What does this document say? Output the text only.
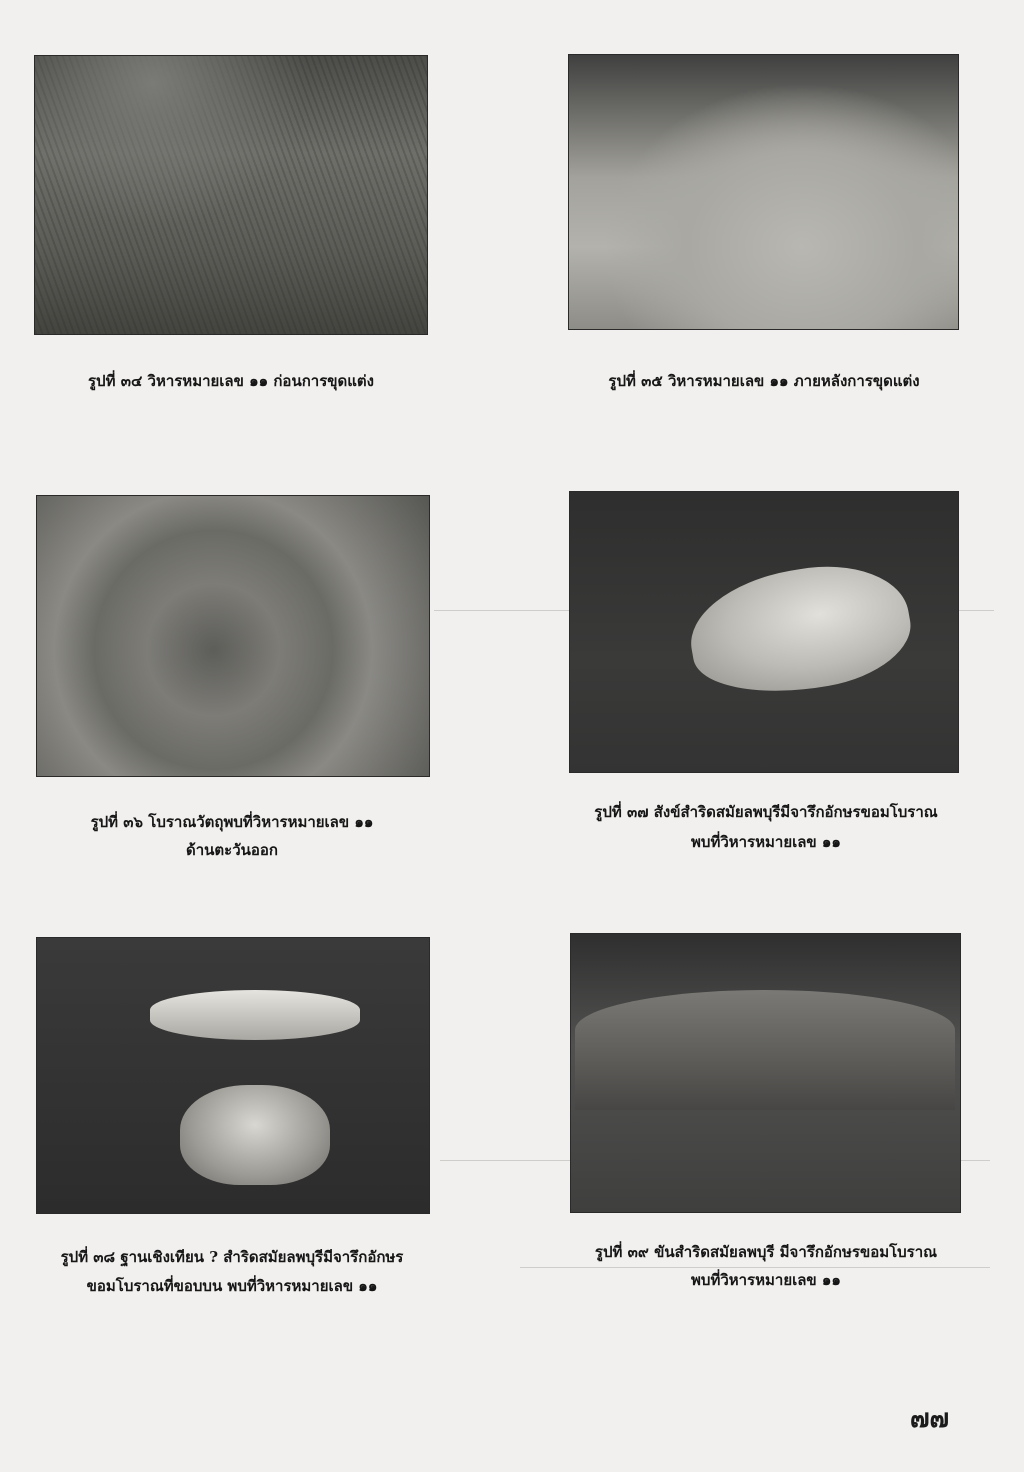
รูปที่ ๓๔ วิหารหมายเลข ๑๑ ก่อนการขุดแต่ง	รูปที่ ๓๕ วิหารหมายเลข ๑๑ ภายหลังการขุดแต่ง
รูปที่ ๓๖ โบราณวัตถุพบที่วิหารหมายเลข ๑๑
ด้านตะวันออก
รูปที่ ๓๗ สังข์สำริดสมัยลพบุรีมีจารึกอักษรขอมโบราณ
พบที่วิหารหมายเลข ๑๑
รูปที่ ๓๘ ฐานเชิงเทียน ? สำริดสมัยลพบุรีมีจารึกอักษร
ขอมโบราณที่ขอบบน พบที่วิหารหมายเลข ๑๑
รูปที่ ๓๙ ขันสำริดสมัยลพบุรี มีจารึกอักษรขอมโบราณ
พบที่วิหารหมายเลข ๑๑
๗๗
